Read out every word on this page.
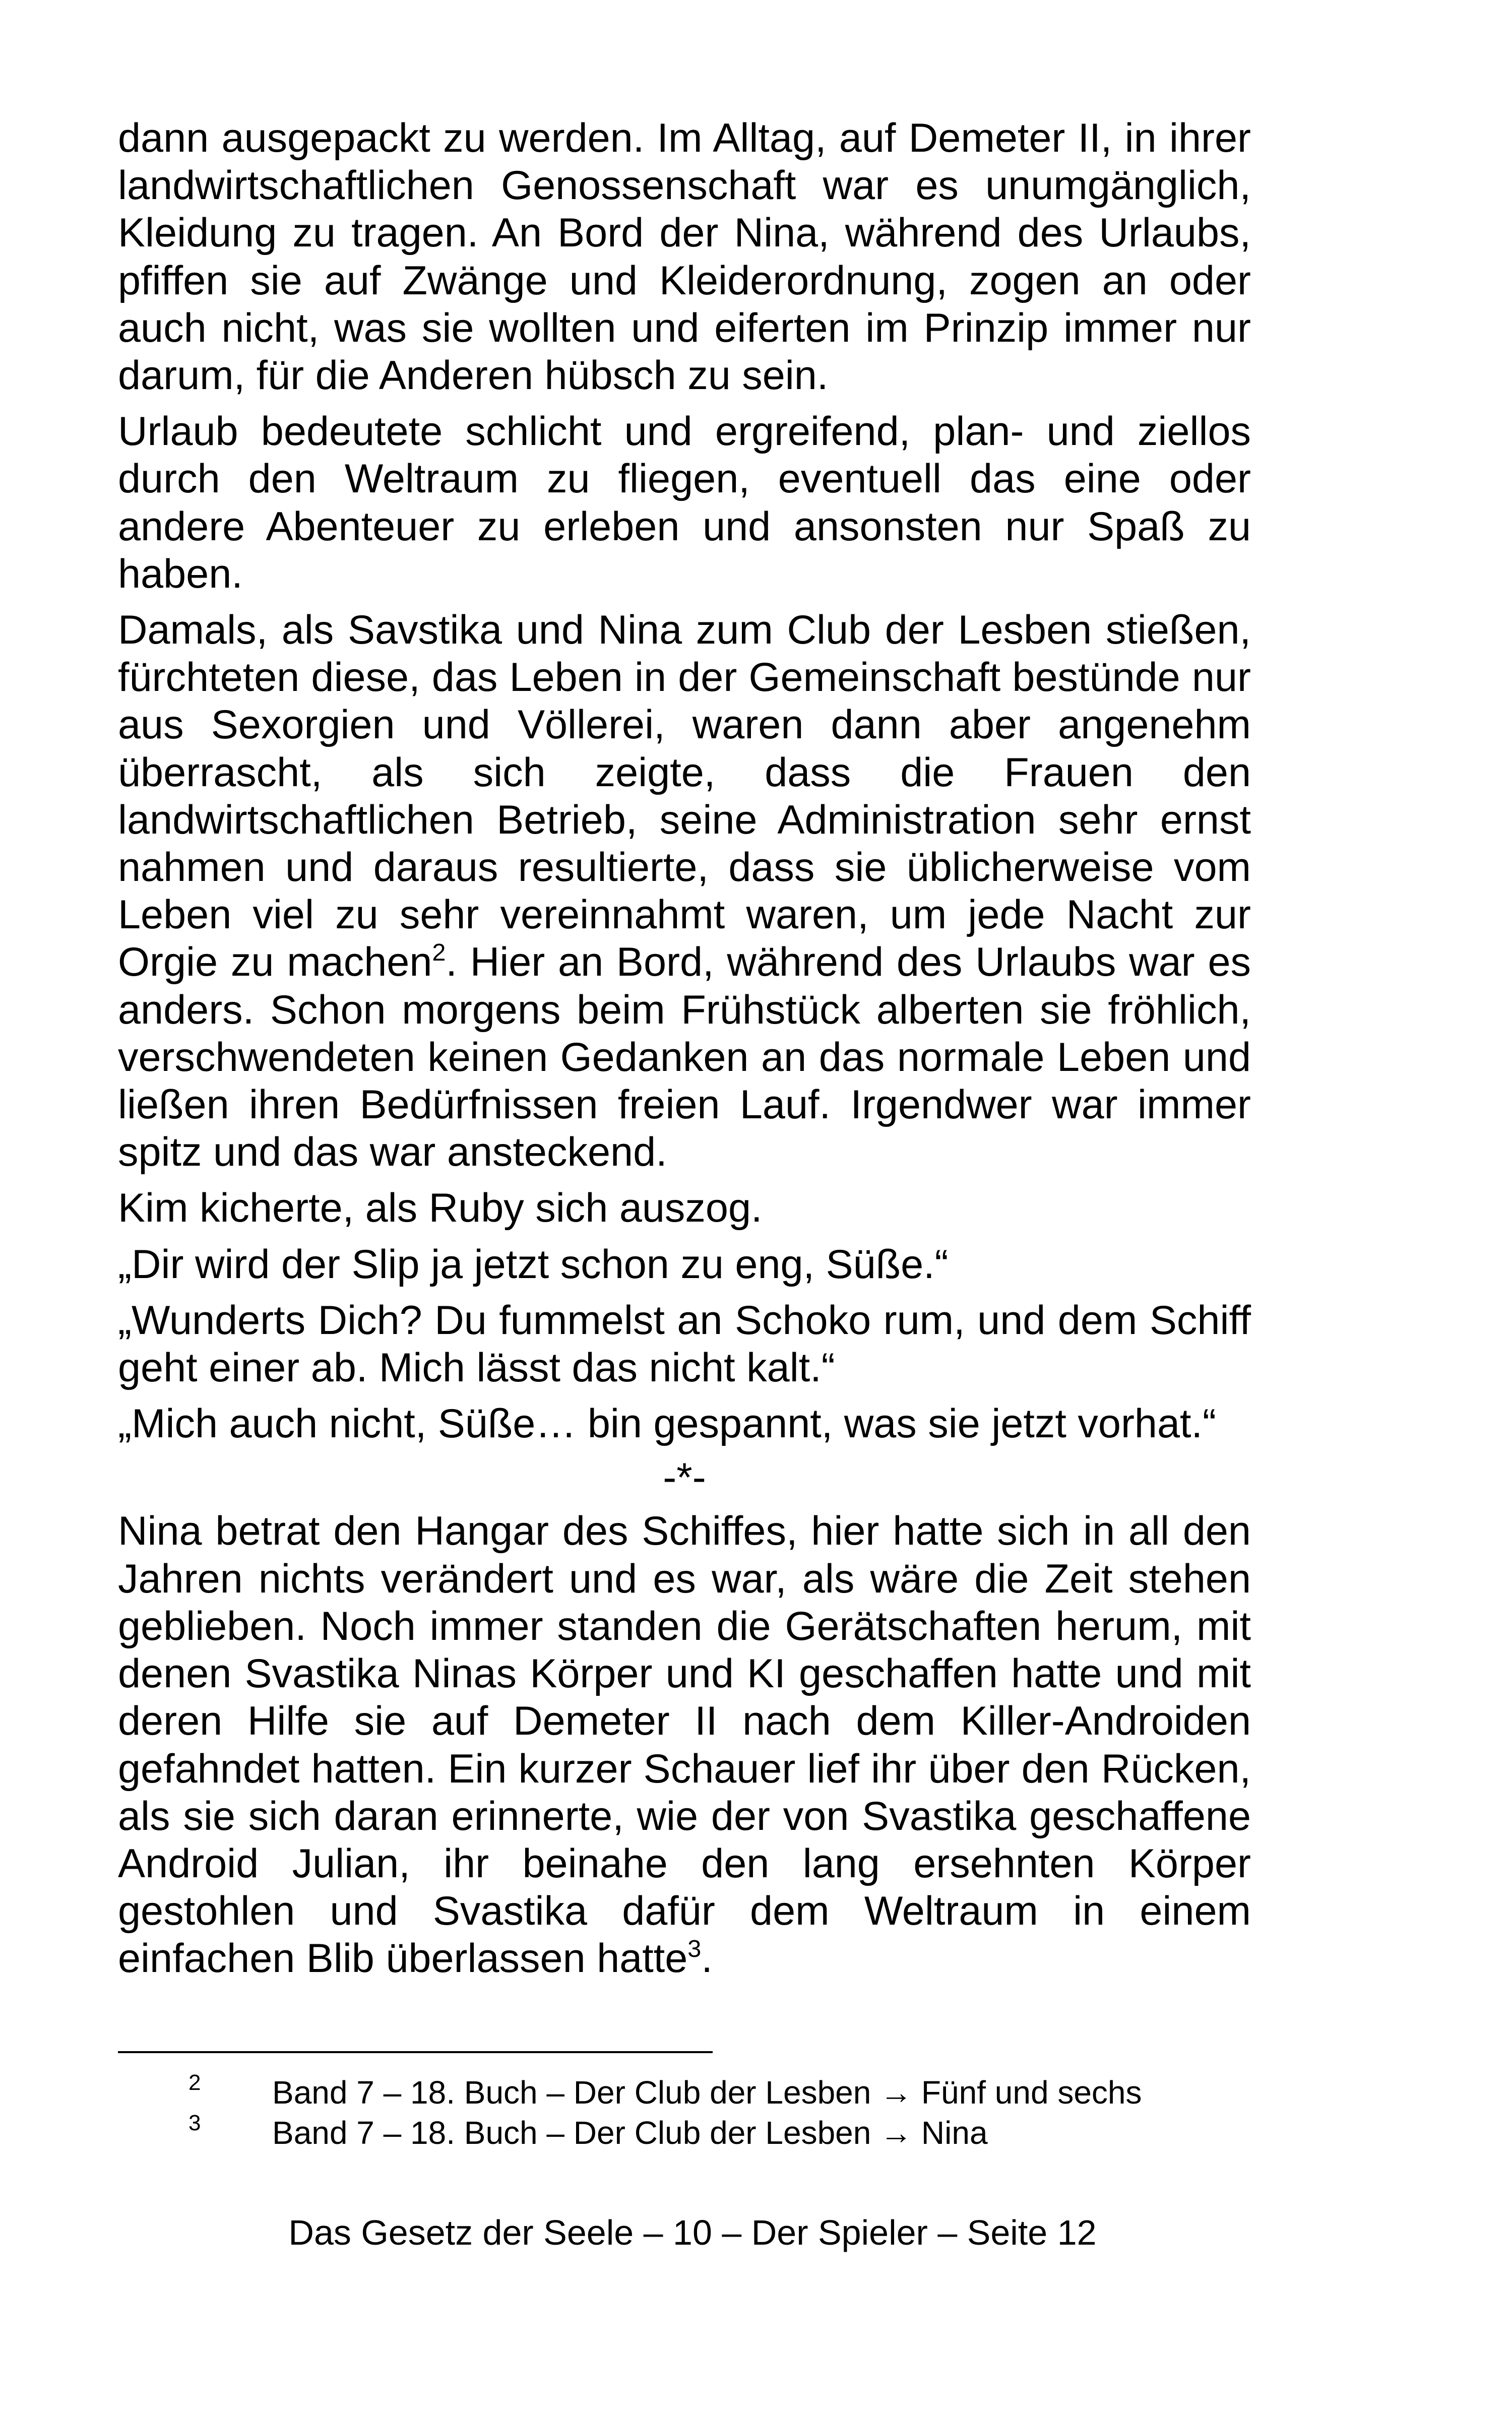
dann ausgepackt zu werden. Im Alltag, auf Demeter II, in ihrer landwirtschaftlichen Genossenschaft war es unumgänglich, Kleidung zu tragen. An Bord der Nina, während des Urlaubs, pfiffen sie auf Zwänge und Kleiderordnung, zogen an oder auch nicht, was sie wollten und eiferten im Prinzip immer nur darum, für die Anderen hübsch zu sein.

Urlaub bedeutete schlicht und ergreifend, plan- und ziellos durch den Weltraum zu fliegen, eventuell das eine oder andere Abenteuer zu erleben und ansonsten nur Spaß zu haben.

Damals, als Savstika und Nina zum Club der Lesben stießen, fürchteten diese, das Leben in der Gemeinschaft bestünde nur aus Sexorgien und Völlerei, waren dann aber angenehm überrascht, als sich zeigte, dass die Frauen den landwirtschaftlichen Betrieb, seine Administration sehr ernst nahmen und daraus resultierte, dass sie üblicherweise vom Leben viel zu sehr vereinnahmt waren, um jede Nacht zur Orgie zu machen$^2$. Hier an Bord, während des Urlaubs war es anders. Schon morgens beim Frühstück alberten sie fröhlich, verschwendeten keinen Gedanken an das normale Leben und ließen ihren Bedürfnissen freien Lauf. Irgendwer war immer spitz und das war ansteckend.

Kim kicherte, als Ruby sich auszog.

„Dir wird der Slip ja jetzt schon zu eng, Süße.“

„Wunderts Dich? Du fummelst an Schoko rum, und dem Schiff geht einer ab. Mich lässt das nicht kalt.“

„Mich auch nicht, Süße… bin gespannt, was sie jetzt vorhat.“

-*-

Nina betrat den Hangar des Schiffes, hier hatte sich in all den Jahren nichts verändert und es war, als wäre die Zeit stehen geblieben. Noch immer standen die Gerätschaften herum, mit denen Svastika Ninas Körper und KI geschaffen hatte und mit deren Hilfe sie auf Demeter II nach dem Killer-Androiden gefahndet hatten. Ein kurzer Schauer lief ihr über den Rücken, als sie sich daran erinnerte, wie der von Svastika geschaffene Android Julian, ihr beinahe den lang ersehnten Körper gestohlen und Svastika dafür dem Weltraum in einem einfachen Blib überlassen hatte$^3$.

2 Band 7 – 18. Buch – Der Club der Lesben → Fünf und sechs
3 Band 7 – 18. Buch – Der Club der Lesben → Nina
Das Gesetz der Seele – 10 – Der Spieler – Seite 12
